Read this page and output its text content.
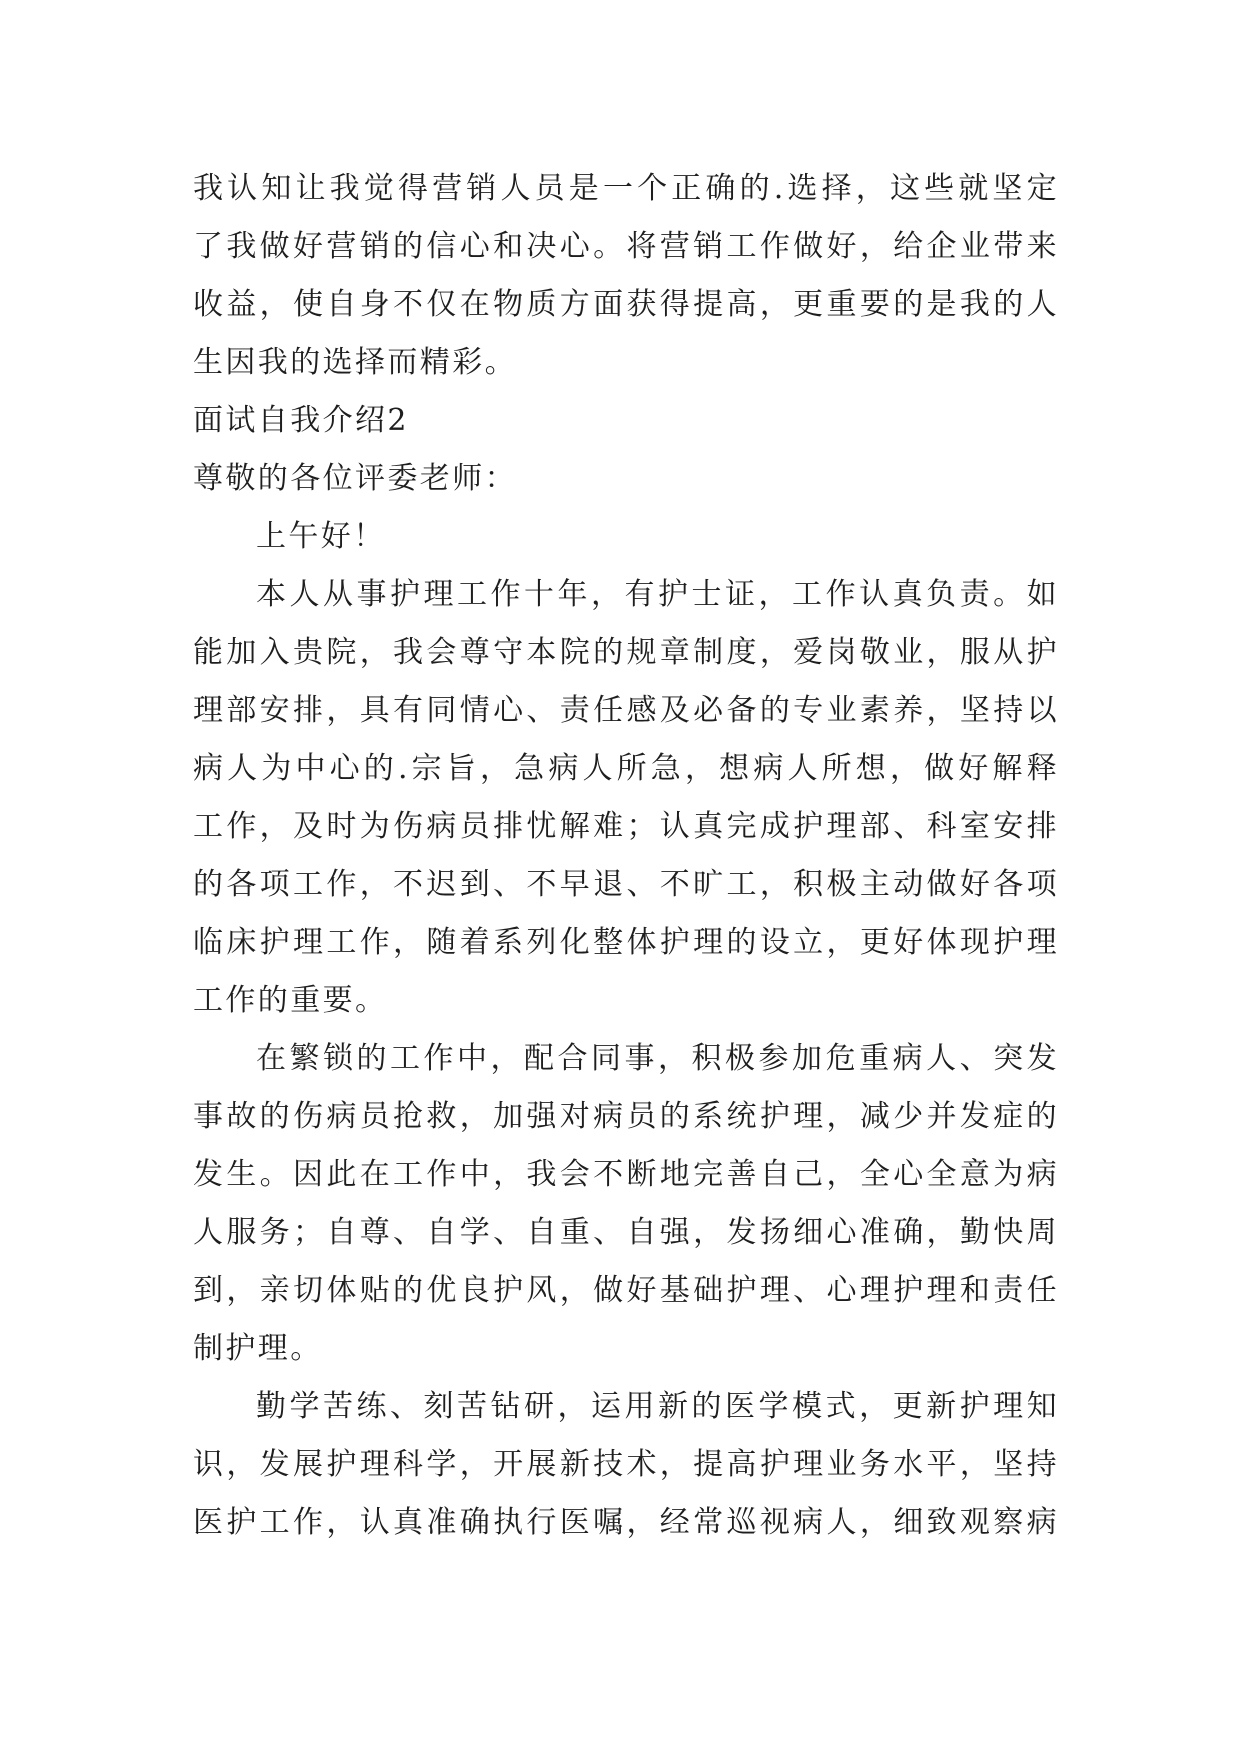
我认知让我觉得营销人员是一个正确的.选择，这些就坚定
了我做好营销的信心和决心。将营销工作做好，给企业带来
收益，使自身不仅在物质方面获得提高，更重要的是我的人
生因我的选择而精彩。
面试自我介绍2
尊敬的各位评委老师：
上午好！
本人从事护理工作十年，有护士证，工作认真负责。如
能加入贵院，我会尊守本院的规章制度，爱岗敬业，服从护
理部安排，具有同情心、责任感及必备的专业素养，坚持以
病人为中心的.宗旨，急病人所急，想病人所想，做好解释
工作，及时为伤病员排忧解难；认真完成护理部、科室安排
的各项工作，不迟到、不早退、不旷工，积极主动做好各项
临床护理工作，随着系列化整体护理的设立，更好体现护理
工作的重要。
在繁锁的工作中，配合同事，积极参加危重病人、突发
事故的伤病员抢救，加强对病员的系统护理，减少并发症的
发生。因此在工作中，我会不断地完善自己，全心全意为病
人服务；自尊、自学、自重、自强，发扬细心准确，勤快周
到，亲切体贴的优良护风，做好基础护理、心理护理和责任
制护理。
勤学苦练、刻苦钻研，运用新的医学模式，更新护理知
识，发展护理科学，开展新技术，提高护理业务水平，坚持
医护工作，认真准确执行医嘱，经常巡视病人，细致观察病
